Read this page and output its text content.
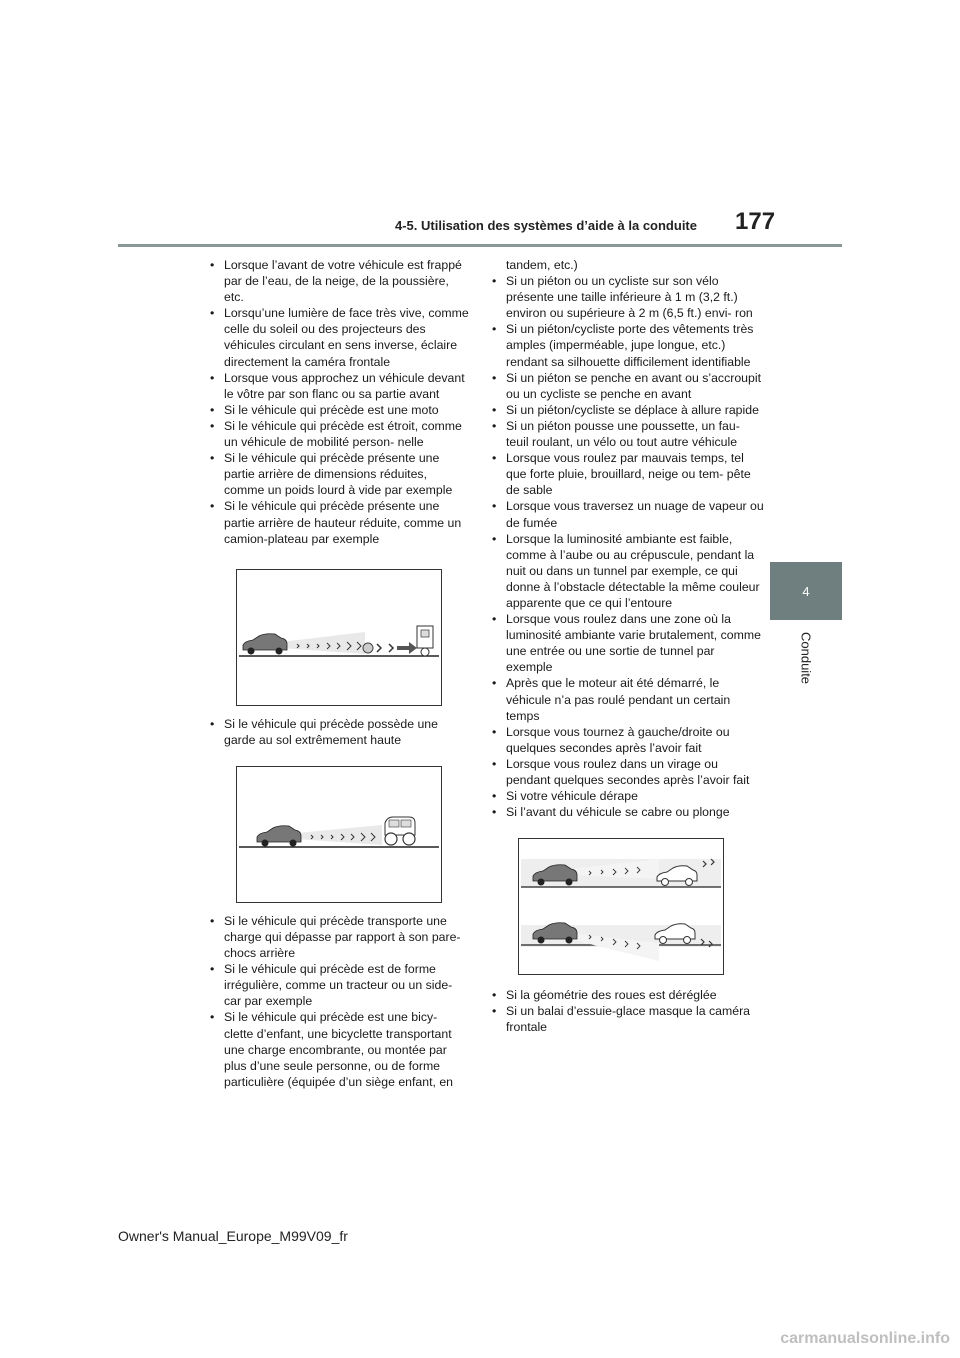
4-5. Utilisation des systèmes d’aide à la conduite 177
4
Conduite
• Lorsque l’avant de votre véhicule est frappé par de l’eau, de la neige, de la poussière, etc.
• Lorsqu’une lumière de face très vive, comme celle du soleil ou des projecteurs des véhicules circulant en sens inverse, éclaire directement la caméra frontale
• Lorsque vous approchez un véhicule devant le vôtre par son flanc ou sa partie avant
• Si le véhicule qui précède est une moto
• Si le véhicule qui précède est étroit, comme un véhicule de mobilité person- nelle
• Si le véhicule qui précède présente une partie arrière de dimensions réduites, comme un poids lourd à vide par exemple
• Si le véhicule qui précède présente une partie arrière de hauteur réduite, comme un camion-plateau par exemple
• Si le véhicule qui précède possède une garde au sol extrêmement haute
• Si le véhicule qui précède transporte une charge qui dépasse par rapport à son pare-chocs arrière
• Si le véhicule qui précède est de forme irrégulière, comme un tracteur ou un side- car par exemple
• Si le véhicule qui précède est une bicy- clette d’enfant, une bicyclette transportant une charge encombrante, ou montée par plus d’une seule personne, ou de forme particulière (équipée d’un siège enfant, en
tandem, etc.)
• Si un piéton ou un cycliste sur son vélo présente une taille inférieure à 1 m (3,2 ft.) environ ou supérieure à 2 m (6,5 ft.) envi- ron
• Si un piéton/cycliste porte des vêtements très amples (imperméable, jupe longue, etc.) rendant sa silhouette difficilement identifiable
• Si un piéton se penche en avant ou s’accroupit ou un cycliste se penche en avant
• Si un piéton/cycliste se déplace à allure rapide
• Si un piéton pousse une poussette, un fau- teuil roulant, un vélo ou tout autre véhicule
• Lorsque vous roulez par mauvais temps, tel que forte pluie, brouillard, neige ou tem- pête de sable
• Lorsque vous traversez un nuage de vapeur ou de fumée
• Lorsque la luminosité ambiante est faible, comme à l’aube ou au crépuscule, pendant la nuit ou dans un tunnel par exemple, ce qui donne à l’obstacle détectable la même couleur apparente que ce qui l’entoure
• Lorsque vous roulez dans une zone où la luminosité ambiante varie brutalement, comme une entrée ou une sortie de tunnel par exemple
• Après que le moteur ait été démarré, le véhicule n’a pas roulé pendant un certain temps
• Lorsque vous tournez à gauche/droite ou quelques secondes après l’avoir fait
• Lorsque vous roulez dans un virage ou pendant quelques secondes après l’avoir fait
• Si votre véhicule dérape
• Si l’avant du véhicule se cabre ou plonge
• Si la géométrie des roues est déréglée
• Si un balai d’essuie-glace masque la caméra frontale
Owner's Manual_Europe_M99V09_fr
carmanualsonline.info
